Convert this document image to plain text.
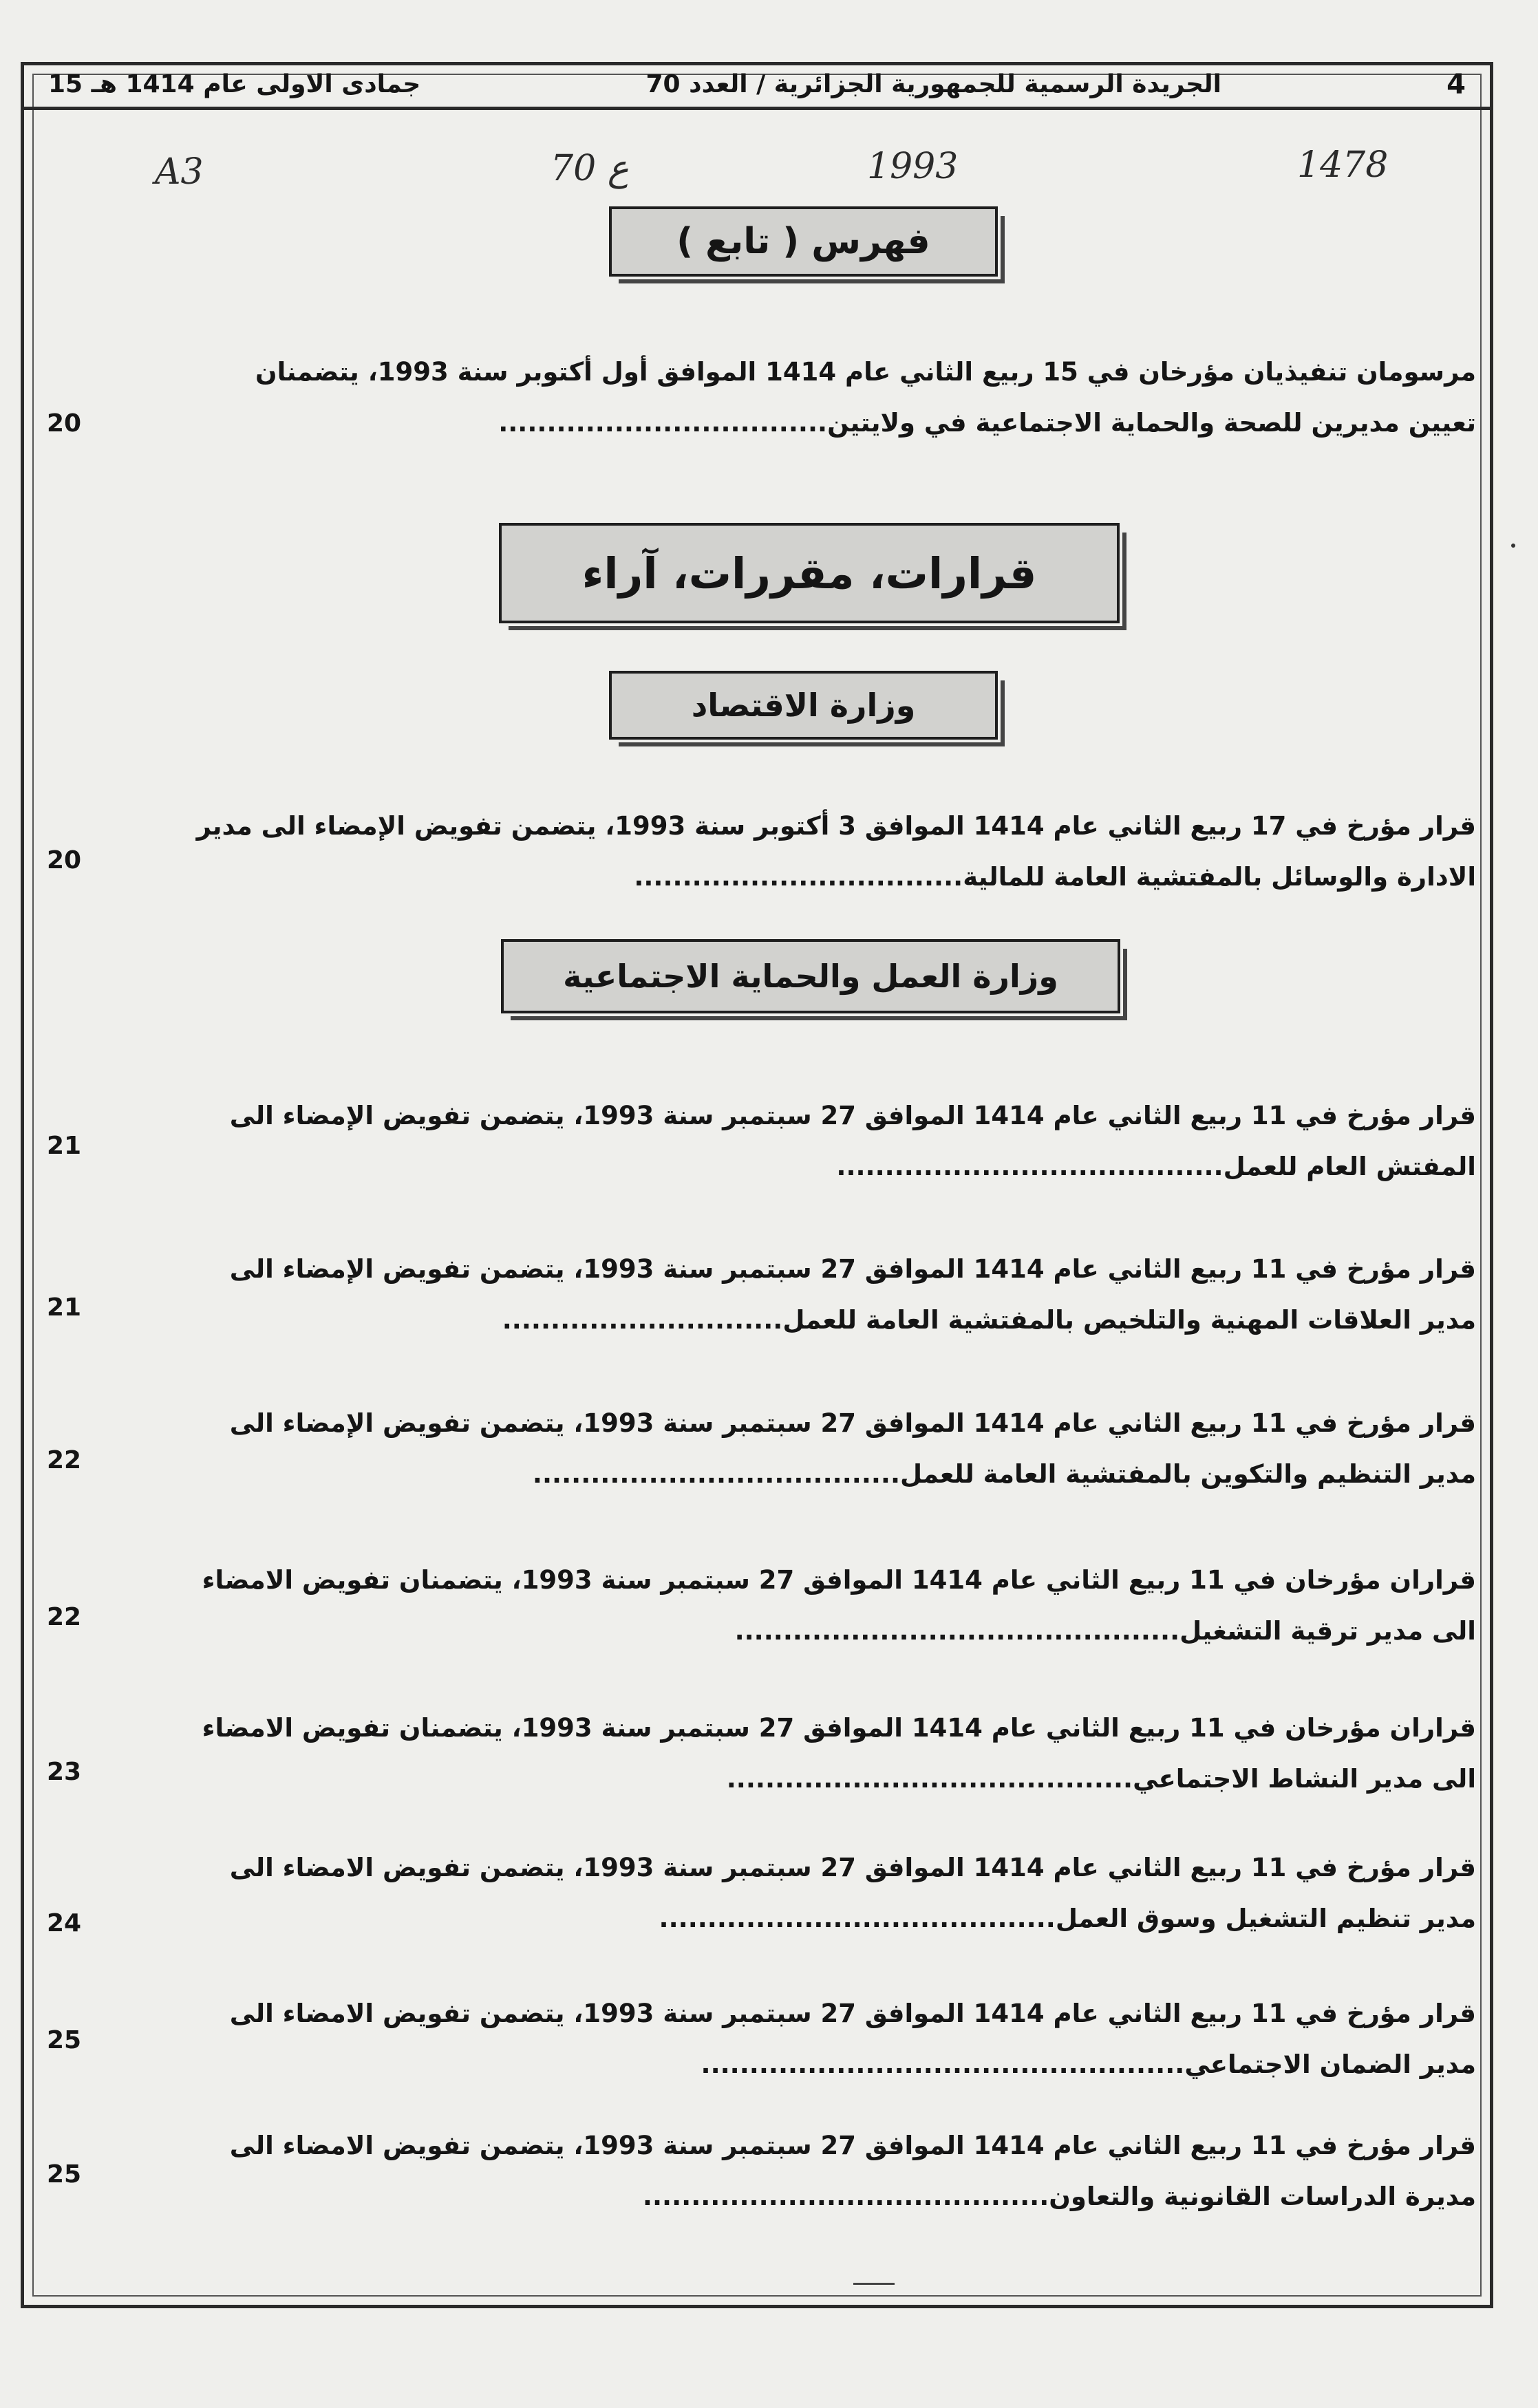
15 جمادى الاولى عام 1414 هـ	الجريدة الرسمية للجمهورية الجزائرية / العدد 70	4
A3	70 ع	1993	1478
فهرس ( تابع )
قرارات، مقررات، آراء
وزارة الاقتصاد
وزارة العمل والحماية الاجتماعية
مرسومان تنفيذيان مؤرخان في 15 ربيع الثاني عام 1414 الموافق أول أكتوبر سنة 1993، يتضمنان
تعيين مديرين للصحة والحماية الاجتماعية في ولايتين..................................
20
قرار مؤرخ في 17 ربيع الثاني عام 1414 الموافق 3 أكتوبر سنة 1993، يتضمن تفويض الإمضاء الى مدير
الادارة والوسائل بالمفتشية العامة للمالية..................................
20
قرار مؤرخ في 11 ربيع الثاني عام 1414 الموافق 27 سبتمبر سنة 1993، يتضمن تفويض الإمضاء الى
المفتش العام للعمل........................................
21
قرار مؤرخ في 11 ربيع الثاني عام 1414 الموافق 27 سبتمبر سنة 1993، يتضمن تفويض الإمضاء الى
مدير العلاقات المهنية والتلخيص بالمفتشية العامة للعمل.............................
21
قرار مؤرخ في 11 ربيع الثاني عام 1414 الموافق 27 سبتمبر سنة 1993، يتضمن تفويض الإمضاء الى
مدير التنظيم والتكوين بالمفتشية العامة للعمل......................................
22
قراران مؤرخان في 11 ربيع الثاني عام 1414 الموافق 27 سبتمبر سنة 1993، يتضمنان تفويض الامضاء
الى مدير ترقية التشغيل..............................................
22
قراران مؤرخان في 11 ربيع الثاني عام 1414 الموافق 27 سبتمبر سنة 1993، يتضمنان تفويض الامضاء
الى مدير النشاط الاجتماعي..........................................
23
قرار مؤرخ في 11 ربيع الثاني عام 1414 الموافق 27 سبتمبر سنة 1993، يتضمن تفويض الامضاء الى
مدير تنظيم التشغيل وسوق العمل.........................................
24
قرار مؤرخ في 11 ربيع الثاني عام 1414 الموافق 27 سبتمبر سنة 1993، يتضمن تفويض الامضاء الى
مدير الضمان الاجتماعي..................................................
25
قرار مؤرخ في 11 ربيع الثاني عام 1414 الموافق 27 سبتمبر سنة 1993، يتضمن تفويض الامضاء الى
مديرة الدراسات القانونية والتعاون..........................................
25
